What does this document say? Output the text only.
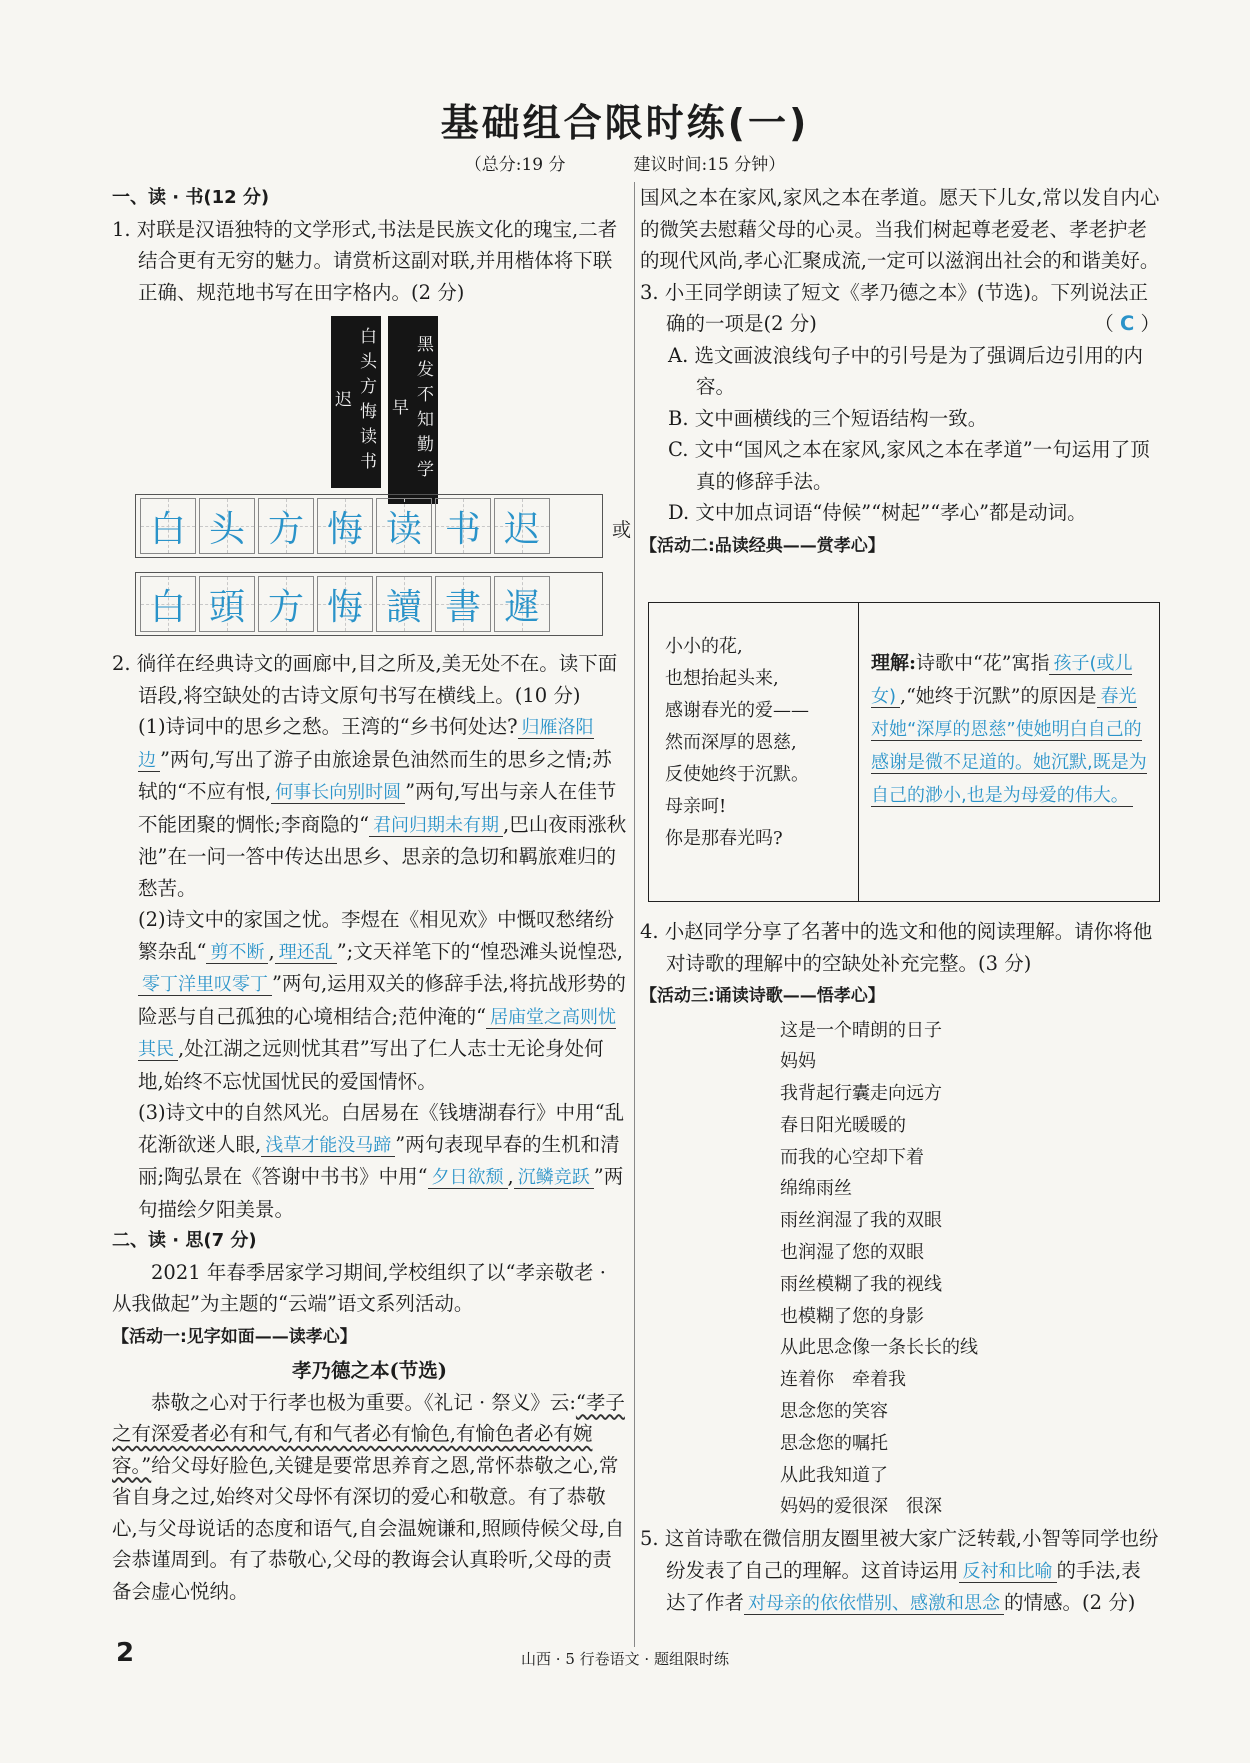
基础组合限时练(一)
（总分:19 分　　　　建议时间:15 分钟）

一、读 · 书(12 分)

1. 对联是汉语独特的文学形式,书法是民族文化的瑰宝,二者结合更有无穷的魅力。请赏析这副对联,并用楷体将下联正确、规范地书写在田字格内。(2 分)

白头方悔读书迟	黑发不知勤学早
白 头 方 悔 读 书 迟	或
白 頭 方 悔 讀 書 遲

2. 徜徉在经典诗文的画廊中,目之所及,美无处不在。读下面语段,将空缺处的古诗文原句书写在横线上。(10 分)

(1)诗词中的思乡之愁。王湾的“乡书何处达? 归雁洛阳边 ”两句,写出了游子由旅途景色油然而生的思乡之情;苏轼的“不应有恨, 何事长向别时圆 ”两句,写出与亲人在佳节不能团聚的惆怅;李商隐的“ 君问归期未有期 ,巴山夜雨涨秋池”在一问一答中传达出思乡、思亲的急切和羁旅难归的愁苦。

(2)诗文中的家国之忧。李煜在《相见欢》中慨叹愁绪纷繁杂乱“ 剪不断 , 理还乱 ”;文天祥笔下的“惶恐滩头说惶恐,零丁洋里叹零丁 ”两句,运用双关的修辞手法,将抗战形势的险恶与自己孤独的心境相结合;范仲淹的“ 居庙堂之高则忧其民 ,处江湖之远则忧其君”写出了仁人志士无论身处何地,始终不忘忧国忧民的爱国情怀。

(3)诗文中的自然风光。白居易在《钱塘湖春行》中用“乱花渐欲迷人眼, 浅草才能没马蹄 ”两句表现早春的生机和清丽;陶弘景在《答谢中书书》中用“ 夕日欲颓 , 沉鳞竞跃 ”两句描绘夕阳美景。

二、读 · 思(7 分)

2021 年春季居家学习期间,学校组织了以“孝亲敬老 · 从我做起”为主题的“云端”语文系列活动。

【活动一:见字如面——读孝心】

孝乃德之本(节选)

恭敬之心对于行孝也极为重要。《礼记 · 祭义》云:“孝子之有深爱者必有和气,有和气者必有愉色,有愉色者必有婉容。”给父母好脸色,关键是要常思养育之恩,常怀恭敬之心,常省自身之过,始终对父母怀有深切的爱心和敬意。有了恭敬心,与父母说话的态度和语气,自会温婉谦和,照顾侍候父母,自会恭谨周到。有了恭敬心,父母的教诲会认真聆听,父母的责备会虚心悦纳。

国风之本在家风,家风之本在孝道。愿天下儿女,常以发自内心的微笑去慰藉父母的心灵。当我们树起尊老爱老、孝老护老的现代风尚,孝心汇聚成流,一定可以滋润出社会的和谐美好。

3. 小王同学朗读了短文《孝乃德之本》(节选)。下列说法正确的一项是(2 分)	（ C ）

A. 选文画波浪线句子中的引号是为了强调后边引用的内容。

B. 文中画横线的三个短语结构一致。

C. 文中“国风之本在家风,家风之本在孝道”一句运用了顶真的修辞手法。

D. 文中加点词语“侍候”“树起”“孝心”都是动词。

【活动二:品读经典——赏孝心】

小小的花,
也想抬起头来,
感谢春光的爱——
然而深厚的恩慈,
反使她终于沉默。
母亲呵!
你是那春光吗?
理解:诗歌中“花”寓指 孩子(或儿女) ,“她终于沉默”的原因是 春光对她“深厚的恩慈”使她明白自己的感谢是微不足道的。她沉默,既是为自己的渺小,也是为母爱的伟大。

4. 小赵同学分享了名著中的选文和他的阅读理解。请你将他对诗歌的理解中的空缺处补充完整。(3 分)

【活动三:诵读诗歌——悟孝心】

这是一个晴朗的日子
妈妈
我背起行囊走向远方
春日阳光暖暖的
而我的心空却下着
绵绵雨丝
雨丝润湿了我的双眼
也润湿了您的双眼
雨丝模糊了我的视线
也模糊了您的身影
从此思念像一条长长的线
连着你　牵着我
思念您的笑容
思念您的嘱托
从此我知道了
妈妈的爱很深　很深

5. 这首诗歌在微信朋友圈里被大家广泛转载,小智等同学也纷纷发表了自己的理解。这首诗运用 反衬和比喻 的手法,表达了作者 对母亲的依依惜别、感激和思念 的情感。(2 分)

2	山西 · 5 行卷语文 · 题组限时练
